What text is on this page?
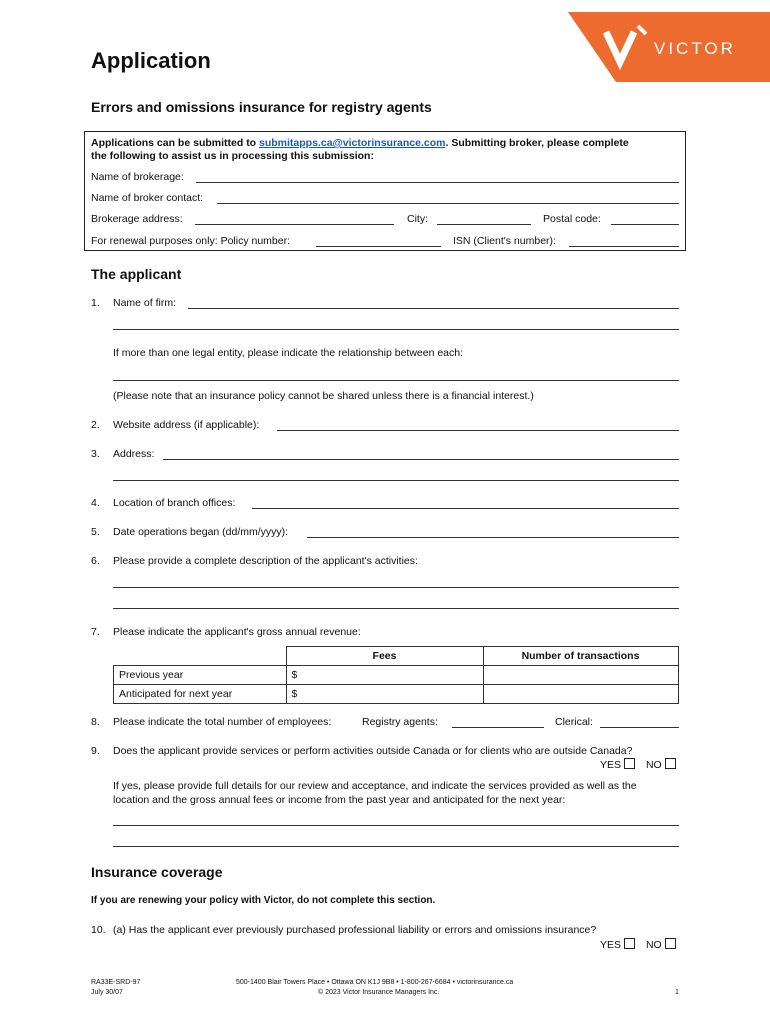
VICTOR
Application
Errors and omissions insurance for registry agents
Applications can be submitted to submitapps.ca@victorinsurance.com. Submitting broker, please complete
the following to assist us in processing this submission:
Name of brokerage:
Name of broker contact:
Brokerage address:	City:	Postal code:
For renewal purposes only: Policy number:	ISN (Client's number):
The applicant
1. Name of firm:
If more than one legal entity, please indicate the relationship between each:
(Please note that an insurance policy cannot be shared unless there is a financial interest.)
2. Website address (if applicable):
3. Address:
4. Location of branch offices:
5. Date operations began (dd/mm/yyyy):
6. Please provide a complete description of the applicant's activities:
7. Please indicate the applicant's gross annual revenue:
	Fees	Number of transactions
Previous year	$	
Anticipated for next year	$	
8. Please indicate the total number of employees:	Registry agents:	Clerical:
9. Does the applicant provide services or perform activities outside Canada or for clients who are outside Canada?
YES NO
If yes, please provide full details for our review and acceptance, and indicate the services provided as well as the
location and the gross annual fees or income from the past year and anticipated for the next year:
Insurance coverage
If you are renewing your policy with Victor, do not complete this section.
10. (a) Has the applicant ever previously purchased professional liability or errors and omissions insurance?
YES NO
RA33E-SRD-97
July 30/07
500-1400 Blair Towers Place • Ottawa ON K1J 9B8 • 1-800-267-6684 • victorinsurance.ca
© 2023 Victor Insurance Managers Inc.	1
